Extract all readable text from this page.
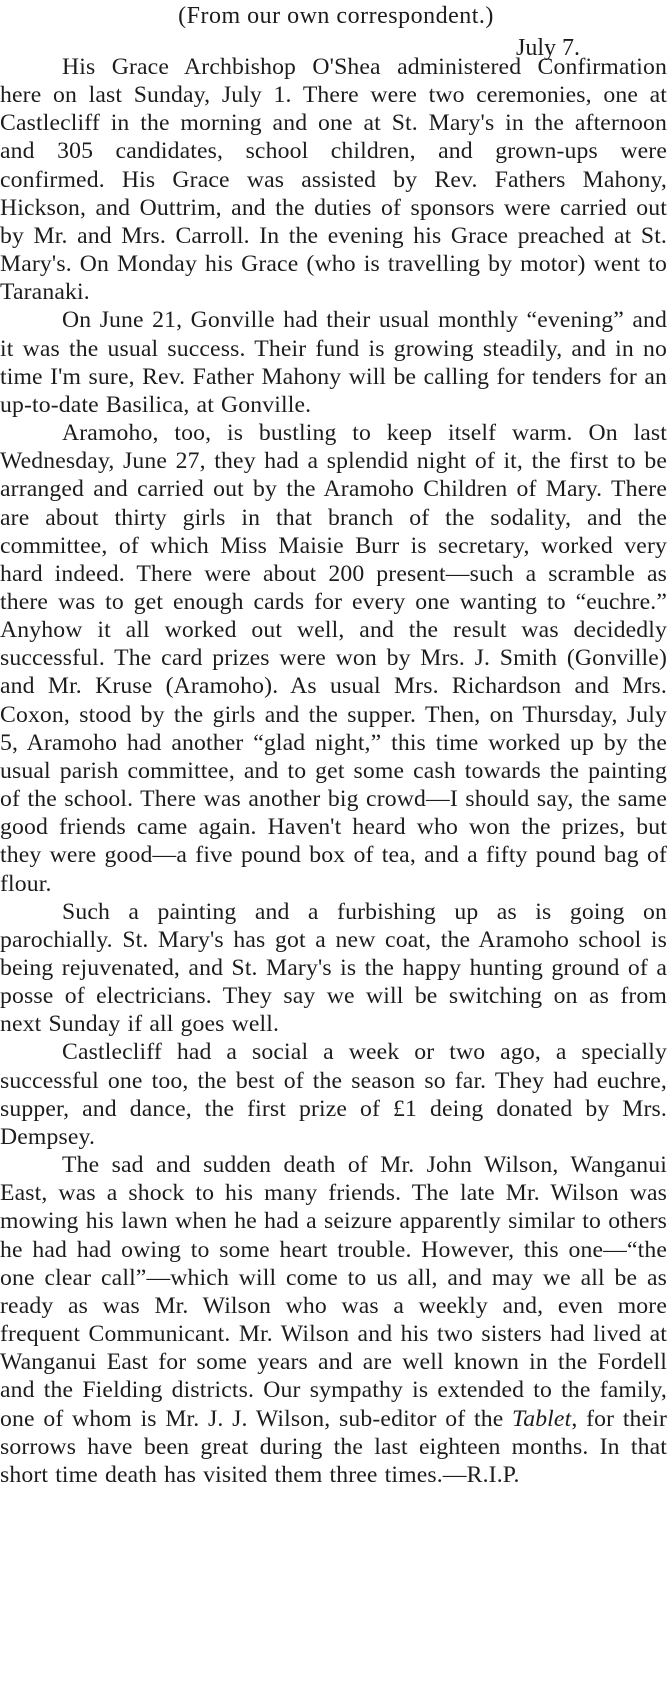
(From our own correspondent.)
July 7.

His Grace Archbishop O'Shea administered Confirmation here on last Sunday, July 1. There were two ceremonies, one at Castlecliff in the morning and one at St. Mary's in the afternoon and 305 candidates, school children, and grown-ups were confirmed. His Grace was assisted by Rev. Fathers Mahony, Hickson, and Outtrim, and the duties of sponsors were carried out by Mr. and Mrs. Carroll. In the evening his Grace preached at St. Mary's. On Monday his Grace (who is travelling by motor) went to Taranaki.

On June 21, Gonville had their usual monthly “evening” and it was the usual success. Their fund is growing steadily, and in no time I'm sure, Rev. Father Mahony will be calling for tenders for an up-to-date Basilica, at Gonville.

Aramoho, too, is bustling to keep itself warm. On last Wednesday, June 27, they had a splendid night of it, the first to be arranged and carried out by the Aramoho Children of Mary. There are about thirty girls in that branch of the sodality, and the committee, of which Miss Maisie Burr is secretary, worked very hard indeed. There were about 200 present—such a scramble as there was to get enough cards for every one wanting to “euchre.” Anyhow it all worked out well, and the result was decidedly successful. The card prizes were won by Mrs. J. Smith (Gonville) and Mr. Kruse (Aramoho). As usual Mrs. Richardson and Mrs. Coxon, stood by the girls and the supper. Then, on Thursday, July 5, Aramoho had another “glad night,” this time worked up by the usual parish committee, and to get some cash towards the painting of the school. There was another big crowd—I should say, the same good friends came again. Haven't heard who won the prizes, but they were good—a five pound box of tea, and a fifty pound bag of flour.

Such a painting and a furbishing up as is going on parochially. St. Mary's has got a new coat, the Aramoho school is being rejuvenated, and St. Mary's is the happy hunting ground of a posse of electricians. They say we will be switching on as from next Sunday if all goes well.

Castlecliff had a social a week or two ago, a specially successful one too, the best of the season so far. They had euchre, supper, and dance, the first prize of £1 deing donated by Mrs. Dempsey.

The sad and sudden death of Mr. John Wilson, Wanganui East, was a shock to his many friends. The late Mr. Wilson was mowing his lawn when he had a seizure apparently similar to others he had had owing to some heart trouble. However, this one—“the one clear call”—which will come to us all, and may we all be as ready as was Mr. Wilson who was a weekly and, even more frequent Communicant. Mr. Wilson and his two sisters had lived at Wanganui East for some years and are well known in the Fordell and the Fielding districts. Our sympathy is extended to the family, one of whom is Mr. J. J. Wilson, sub-editor of the Tablet, for their sorrows have been great during the last eighteen months. In that short time death has visited them three times.—R.I.P.
